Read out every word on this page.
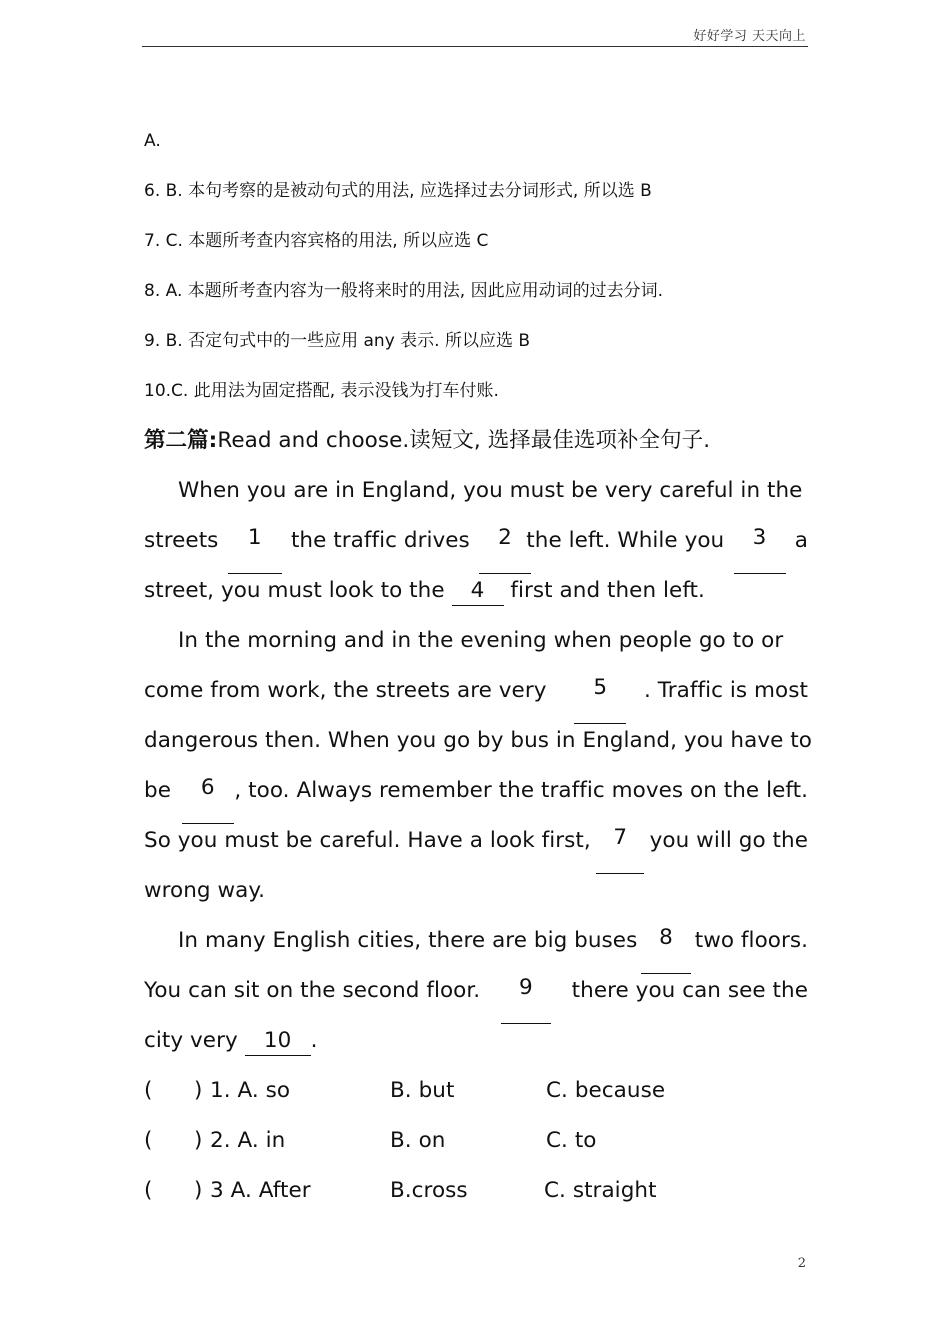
好好学习 天天向上
A.
6. B. 本句考察的是被动句式的用法, 应选择过去分词形式, 所以选 B
7. C. 本题所考查内容宾格的用法, 所以应选 C
8. A. 本题所考查内容为一般将来时的用法, 因此应用动词的过去分词.
9. B. 否定句式中的一些应用 any 表示. 所以应选 B
10.C. 此用法为固定搭配, 表示没钱为打车付账.
第二篇:Read and choose.读短文, 选择最佳选项补全句子.
When you are in England, you must be very careful in the
streets	1	the traffic drives	2 the left. While you	3	a
street, you must look to the 4 first and then left.
In the morning and in the evening when people go to or
come from work, the streets are very	5	. Traffic is most
dangerous then. When you go by bus in England, you have to
be	6 , too. Always remember the traffic moves on the left.
So you must be careful. Have a look first,	7	you will go the
wrong way.
In many English cities, there are big buses	8	two floors.
You can sit on the second floor.	9	there you can see the
city very 10 .
( ) 1. A. so	B. but	C. because
( ) 2. A. in	B. on	C. to
( ) 3 A. After	B.cross	C. straight
2
